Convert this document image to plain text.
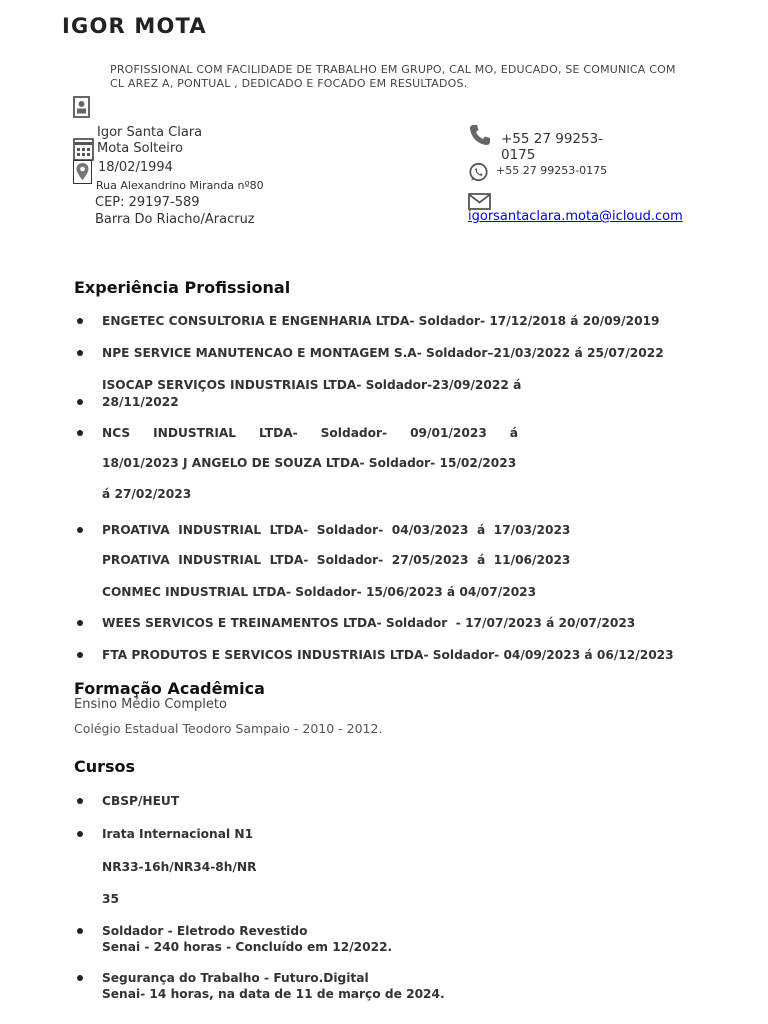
IGOR MOTA
PROFISSIONAL COM FACILIDADE DE TRABALHO EM GRUPO, CAL MO, EDUCADO, SE COMUNICA COM
CL AREZ A, PONTUAL , DEDICADO E FOCADO EM RESULTADOS.
Igor Santa Clara
Mota Solteiro
18/02/1994
Rua Alexandrino Miranda nº80
CEP: 29197-589
Barra Do Riacho/Aracruz
+55 27 99253-
0175
+55 27 99253-0175
igorsantaclara.mota@icloud.com
Experiência Profissional
ENGETEC CONSULTORIA E ENGENHARIA LTDA- Soldador- 17/12/2018 á 20/09/2019
NPE SERVICE MANUTENCAO E MONTAGEM S.A- Soldador–21/03/2022 á 25/07/2022
ISOCAP SERVIÇOS INDUSTRIAIS LTDA- Soldador-23/09/2022 á
28/11/2022
NCS INDUSTRIAL LTDA- Soldador- 09/01/2023 á
18/01/2023 J ANGELO DE SOUZA LTDA- Soldador- 15/02/2023
á 27/02/2023
PROATIVA  INDUSTRIAL  LTDA-  Soldador-  04/03/2023  á  17/03/2023
PROATIVA  INDUSTRIAL  LTDA-  Soldador-  27/05/2023  á  11/06/2023
CONMEC INDUSTRIAL LTDA- Soldador- 15/06/2023 á 04/07/2023
WEES SERVICOS E TREINAMENTOS LTDA- Soldador  - 17/07/2023 á 20/07/2023
FTA PRODUTOS E SERVICOS INDUSTRIAIS LTDA- Soldador- 04/09/2023 á 06/12/2023
Formação Acadêmica
Ensino Médio Completo
Colégio Estadual Teodoro Sampaio - 2010 - 2012.
Cursos
CBSP/HEUT
Irata Internacional N1
NR33-16h/NR34-8h/NR
35
Soldador - Eletrodo Revestido
Senai - 240 horas - Concluído em 12/2022.
Segurança do Trabalho - Futuro.Digital
Senai- 14 horas, na data de 11 de março de 2024.
